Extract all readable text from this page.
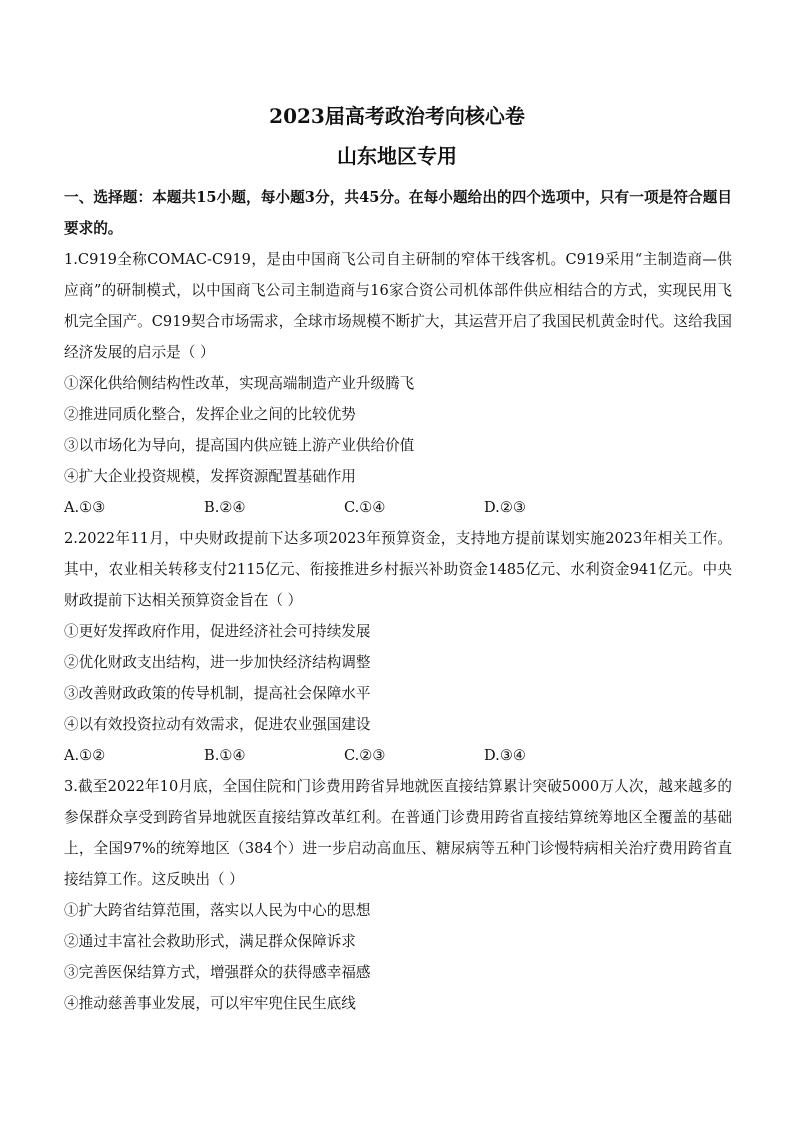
2023届高考政治考向核心卷
山东地区专用

一、选择题：本题共15小题，每小题3分，共45分。在每小题给出的四个选项中，只有一项是符合题目要求的。

1.C919全称COMAC-C919，是由中国商飞公司自主研制的窄体干线客机。C919采用“主制造商—供应商”的研制模式，以中国商飞公司主制造商与16家合资公司机体部件供应相结合的方式，实现民用飞机完全国产。C919契合市场需求，全球市场规模不断扩大，其运营开启了我国民机黄金时代。这给我国经济发展的启示是（ ）

①深化供给侧结构性改革，实现高端制造产业升级腾飞

②推进同质化整合，发挥企业之间的比较优势

③以市场化为导向，提高国内供应链上游产业供给价值

④扩大企业投资规模，发挥资源配置基础作用

A.①③	B.②④	C.①④	D.②③

2.2022年11月，中央财政提前下达多项2023年预算资金，支持地方提前谋划实施2023年相关工作。其中，农业相关转移支付2115亿元、衔接推进乡村振兴补助资金1485亿元、水利资金941亿元。中央财政提前下达相关预算资金旨在（ ）

①更好发挥政府作用，促进经济社会可持续发展

②优化财政支出结构，进一步加快经济结构调整

③改善财政政策的传导机制，提高社会保障水平

④以有效投资拉动有效需求，促进农业强国建设

A.①②	B.①④	C.②③	D.③④

3.截至2022年10月底，全国住院和门诊费用跨省异地就医直接结算累计突破5000万人次，越来越多的参保群众享受到跨省异地就医直接结算改革红利。在普通门诊费用跨省直接结算统筹地区全覆盖的基础上，全国97%的统筹地区（384个）进一步启动高血压、糖尿病等五种门诊慢特病相关治疗费用跨省直接结算工作。这反映出（ ）

①扩大跨省结算范围，落实以人民为中心的思想

②通过丰富社会救助形式，满足群众保障诉求

③完善医保结算方式，增强群众的获得感幸福感

④推动慈善事业发展，可以牢牢兜住民生底线
